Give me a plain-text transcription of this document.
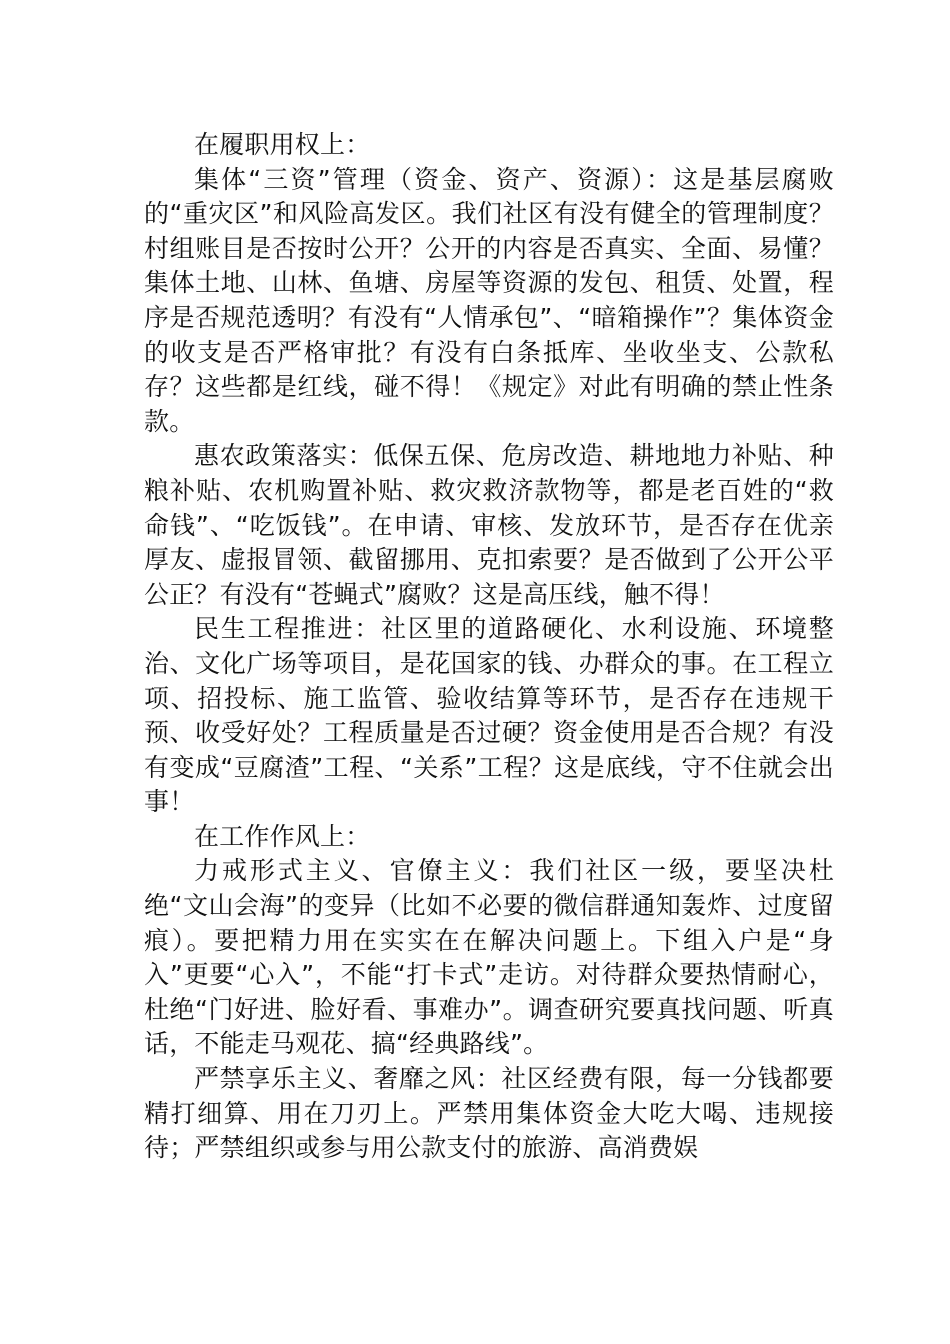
在履职用权上：

集体“三资”管理（资金、资产、资源）：这是基层腐败的“重灾区”和风险高发区。我们社区有没有健全的管理制度？村组账目是否按时公开？公开的内容是否真实、全面、易懂？集体土地、山林、鱼塘、房屋等资源的发包、租赁、处置，程序是否规范透明？有没有“人情承包”、“暗箱操作”？集体资金的收支是否严格审批？有没有白条抵库、坐收坐支、公款私存？这些都是红线，碰不得！《规定》对此有明确的禁止性条款。

惠农政策落实：低保五保、危房改造、耕地地力补贴、种粮补贴、农机购置补贴、救灾救济款物等，都是老百姓的“救命钱”、“吃饭钱”。在申请、审核、发放环节，是否存在优亲厚友、虚报冒领、截留挪用、克扣索要？是否做到了公开公平公正？有没有“苍蝇式”腐败？这是高压线，触不得！

民生工程推进：社区里的道路硬化、水利设施、环境整治、文化广场等项目，是花国家的钱、办群众的事。在工程立项、招投标、施工监管、验收结算等环节，是否存在违规干预、收受好处？工程质量是否过硬？资金使用是否合规？有没有变成“豆腐渣”工程、“关系”工程？这是底线，守不住就会出事！

在工作作风上：

力戒形式主义、官僚主义：我们社区一级，要坚决杜绝“文山会海”的变异（比如不必要的微信群通知轰炸、过度留痕）。要把精力用在实实在在解决问题上。下组入户是“身入”更要“心入”，不能“打卡式”走访。对待群众要热情耐心，杜绝“门好进、脸好看、事难办”。调查研究要真找问题、听真话，不能走马观花、搞“经典路线”。

严禁享乐主义、奢靡之风：社区经费有限，每一分钱都要精打细算、用在刀刃上。严禁用集体资金大吃大喝、违规接待；严禁组织或参与用公款支付的旅游、高消费娱
